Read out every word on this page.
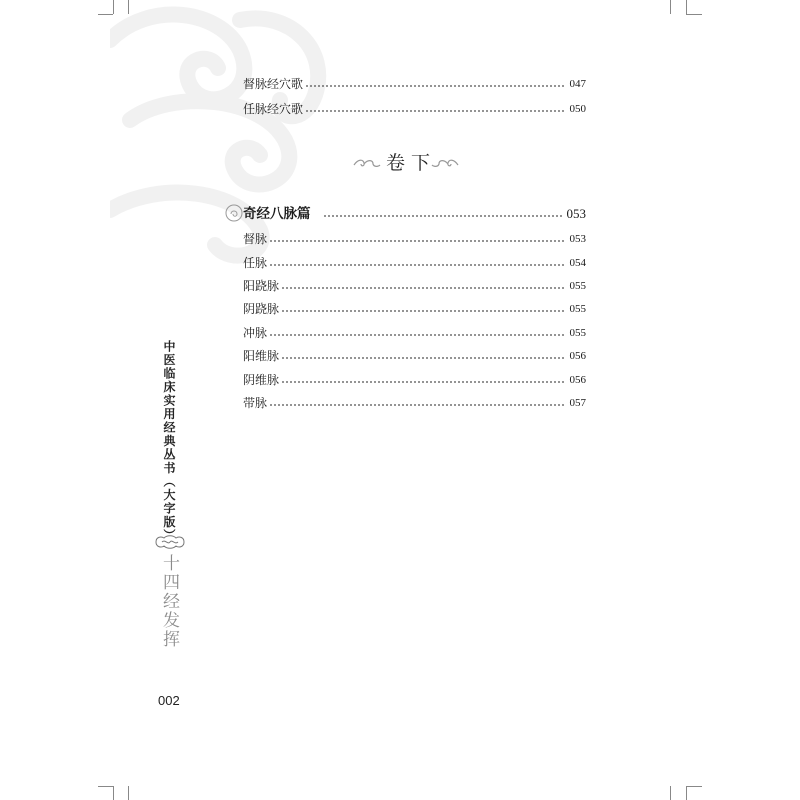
督脉经穴歌	047
任脉经穴歌	050
卷下
奇经八脉篇	053
督脉	053
任脉	054
阳跷脉	055
阴跷脉	055
冲脉	055
阳维脉	056
阴维脉	056
带脉	057
中医临床实用经典丛书︵大字版︶
十四经发挥
002
